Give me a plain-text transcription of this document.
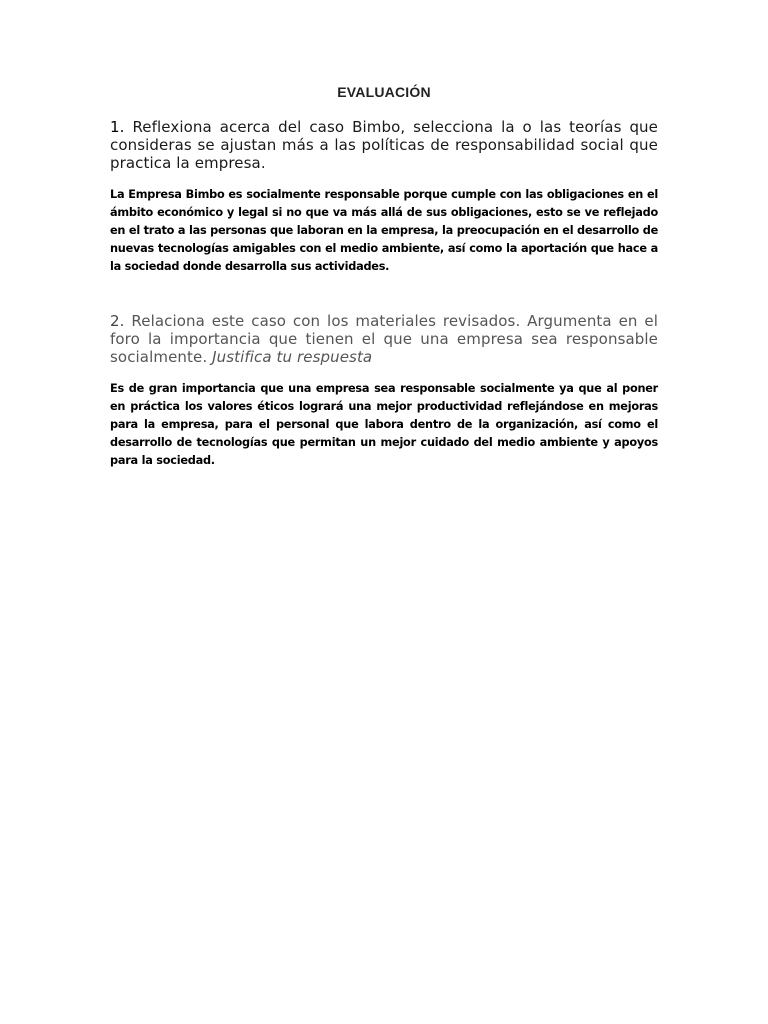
EVALUACIÓN

1. Reflexiona acerca del caso Bimbo, selecciona la o las teorías que consideras se ajustan más a las políticas de responsabilidad social que practica la empresa.

La Empresa Bimbo es socialmente responsable porque cumple con las obligaciones en el ámbito económico y legal si no que va más allá de sus obligaciones, esto se ve reflejado en el trato a las personas que laboran en la empresa, la preocupación en el desarrollo de nuevas tecnologías amigables con el medio ambiente, así como la aportación que hace a la sociedad donde desarrolla sus actividades.

2. Relaciona este caso con los materiales revisados. Argumenta en el foro la importancia que tienen el que una empresa sea responsable socialmente. Justifica tu respuesta

Es de gran importancia que una empresa sea responsable socialmente ya que al poner en práctica los valores éticos logrará una mejor productividad reflejándose en mejoras para la empresa, para el personal que labora dentro de la organización, así como el desarrollo de tecnologías que permitan un mejor cuidado del medio ambiente y apoyos para la sociedad.
